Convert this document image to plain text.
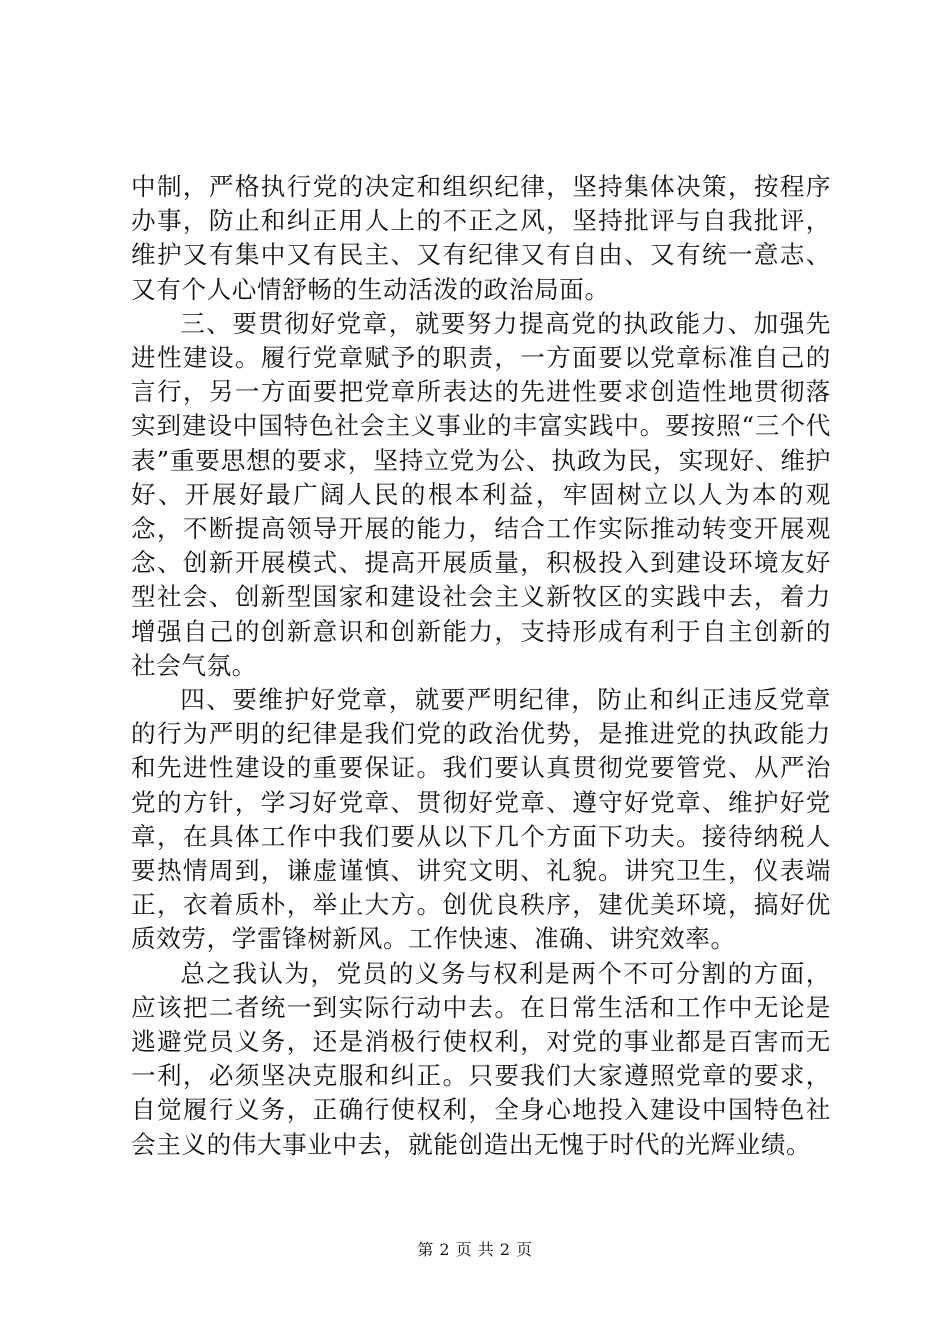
中制，严格执行党的决定和组织纪律，坚持集体决策，按程序办事，防止和纠正用人上的不正之风，坚持批评与自我批评，维护又有集中又有民主、又有纪律又有自由、又有统一意志、又有个人心情舒畅的生动活泼的政治局面。

三、要贯彻好党章，就要努力提高党的执政能力、加强先进性建设。履行党章赋予的职责，一方面要以党章标准自己的言行，另一方面要把党章所表达的先进性要求创造性地贯彻落实到建设中国特色社会主义事业的丰富实践中。要按照“三个代表”重要思想的要求，坚持立党为公、执政为民，实现好、维护好、开展好最广阔人民的根本利益，牢固树立以人为本的观念，不断提高领导开展的能力，结合工作实际推动转变开展观念、创新开展模式、提高开展质量，积极投入到建设环境友好型社会、创新型国家和建设社会主义新牧区的实践中去，着力增强自己的创新意识和创新能力，支持形成有利于自主创新的社会气氛。

四、要维护好党章，就要严明纪律，防止和纠正违反党章的行为严明的纪律是我们党的政治优势，是推进党的执政能力和先进性建设的重要保证。我们要认真贯彻党要管党、从严治党的方针，学习好党章、贯彻好党章、遵守好党章、维护好党章，在具体工作中我们要从以下几个方面下功夫。接待纳税人要热情周到，谦虚谨慎、讲究文明、礼貌。讲究卫生，仪表端正，衣着质朴，举止大方。创优良秩序，建优美环境，搞好优质效劳，学雷锋树新风。工作快速、准确、讲究效率。

总之我认为，党员的义务与权利是两个不可分割的方面，应该把二者统一到实际行动中去。在日常生活和工作中无论是逃避党员义务，还是消极行使权利，对党的事业都是百害而无一利，必须坚决克服和纠正。只要我们大家遵照党章的要求，自觉履行义务，正确行使权利，全身心地投入建设中国特色社会主义的伟大事业中去，就能创造出无愧于时代的光辉业绩。

第 2 页 共 2 页
